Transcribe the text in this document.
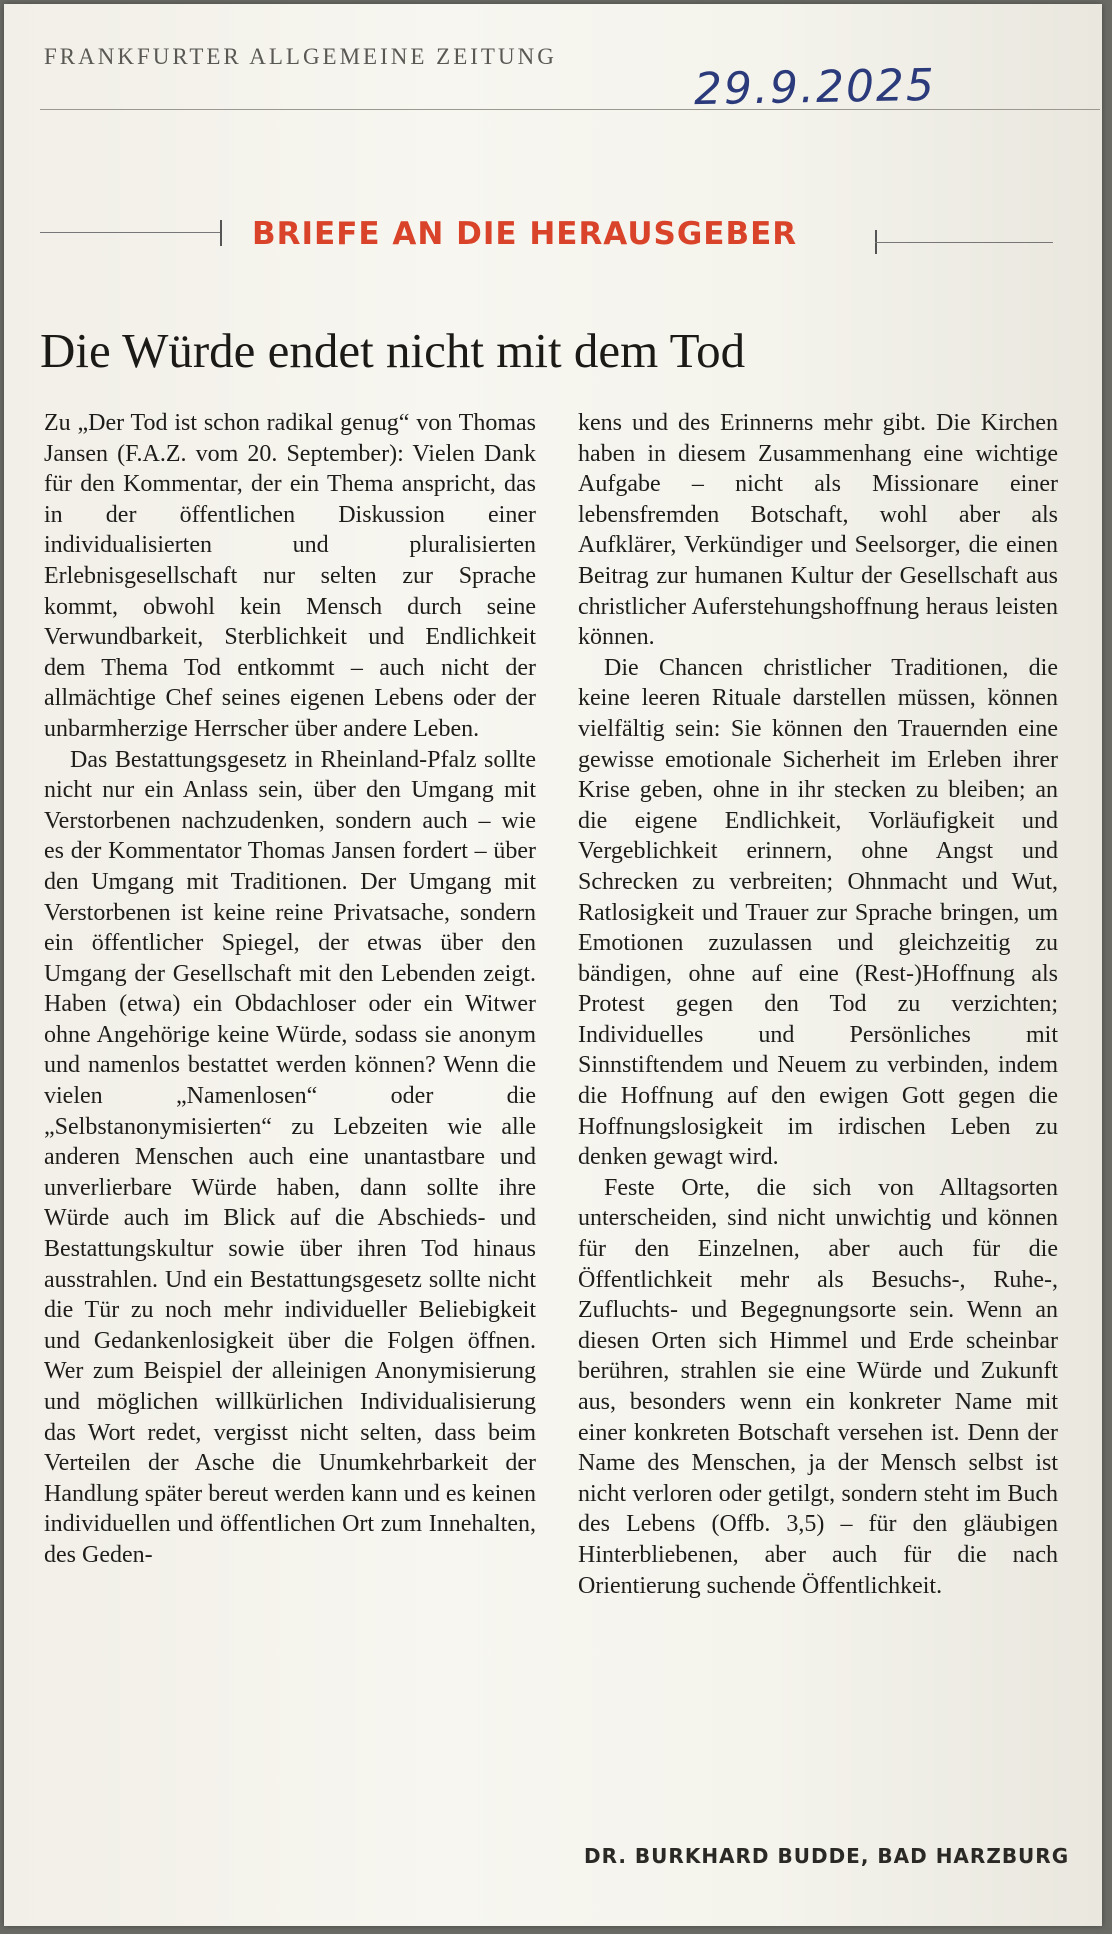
FRANKFURTER ALLGEMEINE ZEITUNG
29.9.2025
BRIEFE AN DIE HERAUSGEBER
Die Würde endet nicht mit dem Tod

Zu „Der Tod ist schon radikal genug“ von Thomas Jansen (F.A.Z. vom 20. September): Vielen Dank für den Kommentar, der ein Thema anspricht, das in der öffentlichen Diskussion einer individualisierten und pluralisierten Erlebnisgesellschaft nur selten zur Sprache kommt, obwohl kein Mensch durch seine Verwundbarkeit, Sterblichkeit und Endlichkeit dem Thema Tod entkommt – auch nicht der allmächtige Chef seines eigenen Lebens oder der unbarmherzige Herrscher über andere Leben.

Das Bestattungsgesetz in Rheinland-Pfalz sollte nicht nur ein Anlass sein, über den Umgang mit Verstorbenen nachzudenken, sondern auch – wie es der Kommentator Thomas Jansen fordert – über den Umgang mit Traditionen. Der Umgang mit Verstorbenen ist keine reine Privatsache, sondern ein öffentlicher Spiegel, der etwas über den Umgang der Gesellschaft mit den Lebenden zeigt. Haben (etwa) ein Obdachloser oder ein Witwer ohne Angehörige keine Würde, sodass sie anonym und namenlos bestattet werden können? Wenn die vielen „Namenlosen“ oder die „Selbstanonymisierten“ zu Lebzeiten wie alle anderen Menschen auch eine unantastbare und unverlierbare Würde haben, dann sollte ihre Würde auch im Blick auf die Abschieds- und Bestattungskultur sowie über ihren Tod hinaus ausstrahlen. Und ein Bestattungsgesetz sollte nicht die Tür zu noch mehr individueller Beliebigkeit und Gedankenlosigkeit über die Folgen öffnen. Wer zum Beispiel der alleinigen Anonymisierung und möglichen willkürlichen Individualisierung das Wort redet, vergisst nicht selten, dass beim Verteilen der Asche die Unumkehrbarkeit der Handlung später bereut werden kann und es keinen individuellen und öffentlichen Ort zum Innehalten, des Geden-

kens und des Erinnerns mehr gibt. Die Kirchen haben in diesem Zusammenhang eine wichtige Aufgabe – nicht als Missionare einer lebensfremden Botschaft, wohl aber als Aufklärer, Verkündiger und Seelsorger, die einen Beitrag zur humanen Kultur der Gesellschaft aus christlicher Auferstehungshoffnung heraus leisten können.

Die Chancen christlicher Traditionen, die keine leeren Rituale darstellen müssen, können vielfältig sein: Sie können den Trauernden eine gewisse emotionale Sicherheit im Erleben ihrer Krise geben, ohne in ihr stecken zu bleiben; an die eigene Endlichkeit, Vorläufigkeit und Vergeblichkeit erinnern, ohne Angst und Schrecken zu verbreiten; Ohnmacht und Wut, Ratlosigkeit und Trauer zur Sprache bringen, um Emotionen zuzulassen und gleichzeitig zu bändigen, ohne auf eine (Rest-)Hoffnung als Protest gegen den Tod zu verzichten; Individuelles und Persönliches mit Sinnstiftendem und Neuem zu verbinden, indem die Hoffnung auf den ewigen Gott gegen die Hoffnungslosigkeit im irdischen Leben zu denken gewagt wird.

Feste Orte, die sich von Alltagsorten unterscheiden, sind nicht unwichtig und können für den Einzelnen, aber auch für die Öffentlichkeit mehr als Besuchs-, Ruhe-, Zufluchts- und Begegnungsorte sein. Wenn an diesen Orten sich Himmel und Erde scheinbar berühren, strahlen sie eine Würde und Zukunft aus, besonders wenn ein konkreter Name mit einer konkreten Botschaft versehen ist. Denn der Name des Menschen, ja der Mensch selbst ist nicht verloren oder getilgt, sondern steht im Buch des Lebens (Offb. 3,5) – für den gläubigen Hinterbliebenen, aber auch für die nach Orientierung suchende Öffentlichkeit.

DR. BURKHARD BUDDE, BAD HARZBURG
